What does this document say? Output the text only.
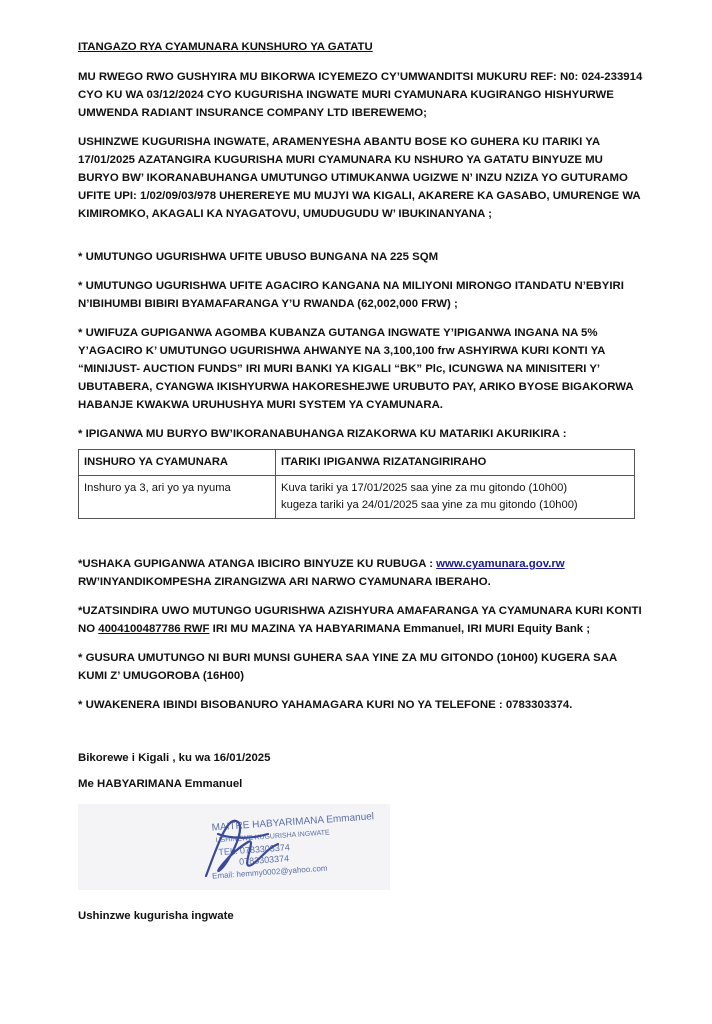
ITANGAZO RYA CYAMUNARA KUNSHURO YA GATATU

MU RWEGO RWO GUSHYIRA MU BIKORWA ICYEMEZO CY’UMWANDITSI MUKURU REF: N0: 024-233914 CYO KU WA 03/12/2024 CYO KUGURISHA INGWATE MURI CYAMUNARA KUGIRANGO HISHYURWE UMWENDA RADIANT INSURANCE COMPANY LTD IBEREWEMO;

USHINZWE KUGURISHA INGWATE, ARAMENYESHA ABANTU BOSE KO GUHERA KU ITARIKI YA 17/01/2025 AZATANGIRA KUGURISHA MURI CYAMUNARA KU NSHURO YA GATATU BINYUZE MU BURYO BW’ IKORANABUHANGA UMUTUNGO UTIMUKANWA UGIZWE N’ INZU NZIZA YO GUTURAMO UFITE UPI: 1/02/09/03/978 UHEREREYE MU MUJYI WA KIGALI, AKARERE KA GASABO, UMURENGE WA KIMIROMKO, AKAGALI KA NYAGATOVU, UMUDUGUDU W’ IBUKINANYANA ;

* UMUTUNGO UGURISHWA UFITE UBUSO BUNGANA NA 225 SQM

* UMUTUNGO UGURISHWA UFITE AGACIRO KANGANA NA MILIYONI MIRONGO ITANDATU N’EBYIRI N’IBIHUMBI BIBIRI BYAMAFARANGA Y’U RWANDA (62,002,000 FRW) ;

* UWIFUZA GUPIGANWA AGOMBA KUBANZA GUTANGA INGWATE Y’IPIGANWA INGANA NA 5% Y’AGACIRO K’ UMUTUNGO UGURISHWA AHWANYE NA 3,100,100 frw ASHYIRWA KURI KONTI YA “MINIJUST- AUCTION FUNDS” IRI MURI BANKI YA KIGALI “BK” Plc, ICUNGWA NA MINISITERI Y’ UBUTABERA, CYANGWA IKISHYURWA HAKORESHEJWE URUBUTO PAY, ARIKO BYOSE BIGAKORWA HABANJE KWAKWA URUHUSHYA MURI SYSTEM YA CYAMUNARA.

* IPIGANWA MU BURYO BW’IKORANABUHANGA RIZAKORWA KU MATARIKI AKURIKIRA :

INSHURO YA CYAMUNARA	ITARIKI IPIGANWA RIZATANGIRIRAHO
Inshuro ya 3, ari yo ya nyuma	Kuva tariki ya 17/01/2025 saa yine za mu gitondo (10h00)
kugeza tariki ya 24/01/2025 saa yine za mu gitondo (10h00)

*USHAKA GUPIGANWA ATANGA IBICIRO BINYUZE KU RUBUGA : www.cyamunara.gov.rw RW’INYANDIKOMPESHA ZIRANGIZWA ARI NARWO CYAMUNARA IBERAHO.

*UZATSINDIRA UWO MUTUNGO UGURISHWA AZISHYURA AMAFARANGA YA CYAMUNARA KURI KONTI NO 4004100487786 RWF IRI MU MAZINA YA HABYARIMANA Emmanuel, IRI MURI Equity Bank ;

* GUSURA UMUTUNGO NI BURI MUNSI GUHERA SAA YINE ZA MU GITONDO (10H00) KUGERA SAA KUMI Z’ UMUGOROBA (16H00)

* UWAKENERA IBINDI BISOBANURO YAHAMAGARA KURI NO YA TELEFONE : 0783303374.

Bikorewe i Kigali , ku wa 16/01/2025

Me HABYARIMANA Emmanuel

MAITRE HABYARIMANA Emmanuel
USHINZWE KUGURISHA INGWATE
TEL: 0783303374
0783303374
Email: hemmy0002@yahoo.com

Ushinzwe kugurisha ingwate
